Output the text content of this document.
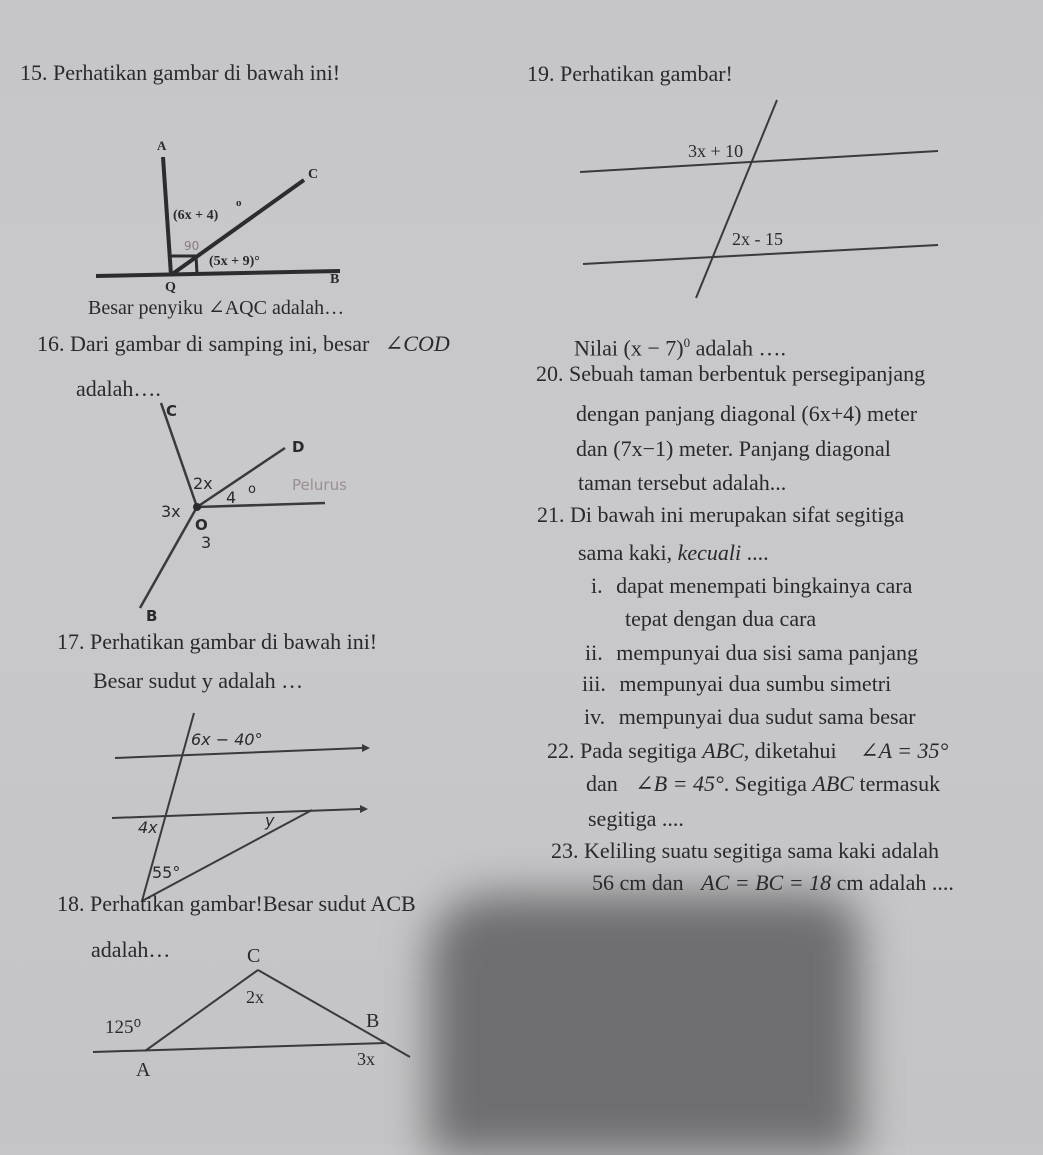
15. Perhatikan gambar di bawah ini!
A
C
Q
B
(6x + 4)
o
(5x + 9)°
90
Besar penyiku ∠AQC adalah…
16. Dari gambar di samping ini, besar ∠COD
adalah….
C
D
O
B
2x
3x
4 o
3
Pelurus
17. Perhatikan gambar di bawah ini!
Besar sudut y adalah …
6x − 40°
4x	y
55°
18. Perhatikan gambar!Besar sudut ACB
adalah…	C
2x
B
125⁰
A	3x
19. Perhatikan gambar!
3x + 10
2x - 15
Nilai $(x - 7)^0$ adalah ….
20. Sebuah taman berbentuk persegipanjang
dengan panjang diagonal (6x+4) meter
dan (7x−1) meter. Panjang diagonal
taman tersebut adalah...
21. Di bawah ini merupakan sifat segitiga
sama kaki, kecuali ....
i. dapat menempati bingkainya cara
tepat dengan dua cara
ii. mempunyai dua sisi sama panjang
iii. mempunyai dua sumbu simetri
iv. mempunyai dua sudut sama besar
22. Pada segitiga ABC, diketahui ∠A = 35°
dan ∠B = 45°. Segitiga ABC termasuk
segitiga ....
23. Keliling suatu segitiga sama kaki adalah
56 cm dan AC = BC = 18 cm adalah ....
